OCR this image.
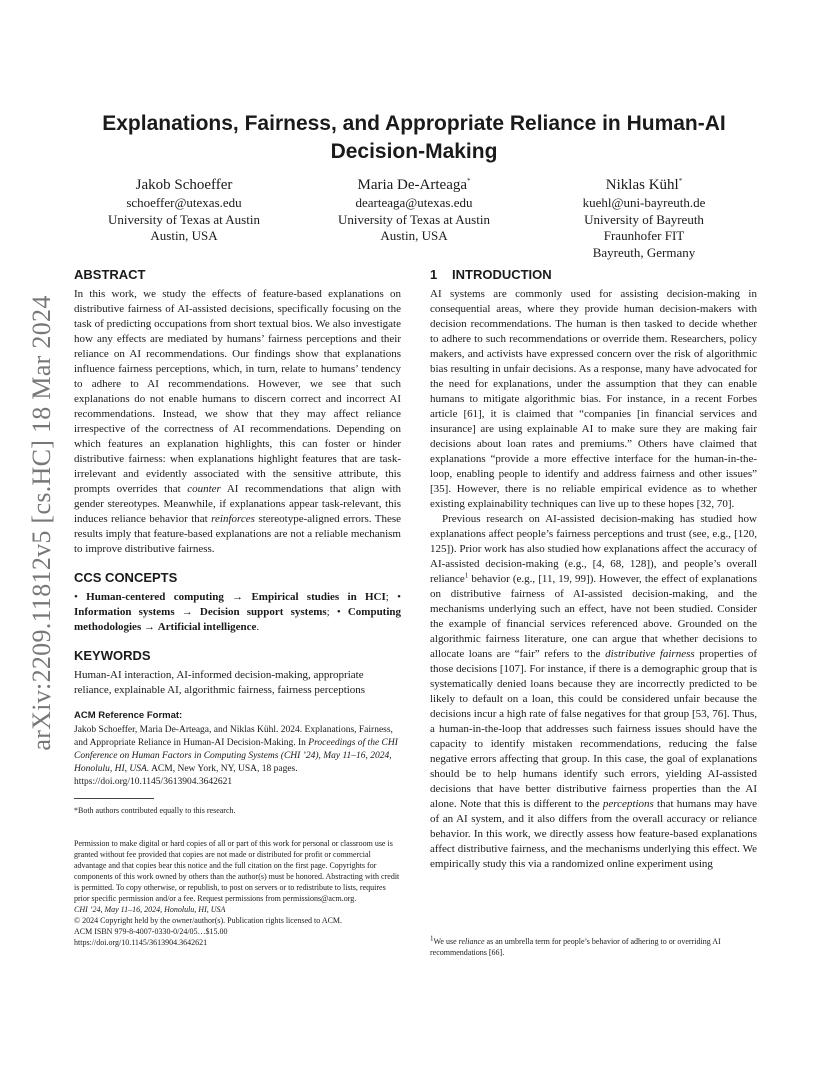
arXiv:2209.11812v5 [cs.HC] 18 Mar 2024
Explanations, Fairness, and Appropriate Reliance in Human-AI Decision-Making
Jakob Schoeffer
schoeffer@utexas.edu
University of Texas at Austin
Austin, USA
Maria De-Arteaga*
dearteaga@utexas.edu
University of Texas at Austin
Austin, USA
Niklas Kühl*
kuehl@uni-bayreuth.de
University of Bayreuth
Fraunhofer FIT
Bayreuth, Germany
ABSTRACT

In this work, we study the effects of feature-based explanations on distributive fairness of AI-assisted decisions, specifically focusing on the task of predicting occupations from short textual bios. We also investigate how any effects are mediated by humans’ fairness perceptions and their reliance on AI recommendations. Our findings show that explanations influence fairness perceptions, which, in turn, relate to humans’ tendency to adhere to AI recommendations. However, we see that such explanations do not enable humans to discern correct and incorrect AI recommendations. Instead, we show that they may affect reliance irrespective of the correctness of AI recommendations. Depending on which features an explanation highlights, this can foster or hinder distributive fairness: when explanations highlight features that are task-irrelevant and evidently associated with the sensitive attribute, this prompts overrides that counter AI recommendations that align with gender stereotypes. Meanwhile, if explanations appear task-relevant, this induces reliance behavior that reinforces stereotype-aligned errors. These results imply that feature-based explanations are not a reliable mechanism to improve distributive fairness.

CCS CONCEPTS

• Human-centered computing → Empirical studies in HCI; • Information systems → Decision support systems; • Computing methodologies → Artificial intelligence.

KEYWORDS

Human-AI interaction, AI-informed decision-making, appropriate reliance, explainable AI, algorithmic fairness, fairness perceptions

ACM Reference Format:

Jakob Schoeffer, Maria De-Arteaga, and Niklas Kühl. 2024. Explanations, Fairness, and Appropriate Reliance in Human-AI Decision-Making. In Proceedings of the CHI Conference on Human Factors in Computing Systems (CHI ’24), May 11–16, 2024, Honolulu, HI, USA. ACM, New York, NY, USA, 18 pages. https://doi.org/10.1145/3613904.3642621

*Both authors contributed equally to this research.

Permission to make digital or hard copies of all or part of this work for personal or classroom use is granted without fee provided that copies are not made or distributed for profit or commercial advantage and that copies bear this notice and the full citation on the first page. Copyrights for components of this work owned by others than the author(s) must be honored. Abstracting with credit is permitted. To copy otherwise, or republish, to post on servers or to redistribute to lists, requires prior specific permission and/or a fee. Request permissions from permissions@acm.org.

CHI ’24, May 11–16, 2024, Honolulu, HI, USA
© 2024 Copyright held by the owner/author(s). Publication rights licensed to ACM.
ACM ISBN 979-8-4007-0330-0/24/05…$15.00
https://doi.org/10.1145/3613904.3642621
1 INTRODUCTION

AI systems are commonly used for assisting decision-making in consequential areas, where they provide human decision-makers with decision recommendations. The human is then tasked to decide whether to adhere to such recommendations or override them. Researchers, policy makers, and activists have expressed concern over the risk of algorithmic bias resulting in unfair decisions. As a response, many have advocated for the need for explanations, under the assumption that they can enable humans to mitigate algorithmic bias. For instance, in a recent Forbes article [61], it is claimed that “companies [in financial services and insurance] are using explainable AI to make sure they are making fair decisions about loan rates and premiums.” Others have claimed that explanations “provide a more effective interface for the human-in-the-loop, enabling people to identify and address fairness and other issues” [35]. However, there is no reliable empirical evidence as to whether existing explainability techniques can live up to these hopes [32, 70].

Previous research on AI-assisted decision-making has studied how explanations affect people’s fairness perceptions and trust (see, e.g., [120, 125]). Prior work has also studied how explanations affect the accuracy of AI-assisted decision-making (e.g., [4, 68, 128]), and people’s overall reliance$^1$ behavior (e.g., [11, 19, 99]). However, the effect of explanations on distributive fairness of AI-assisted decision-making, and the mechanisms underlying such an effect, have not been studied. Consider the example of financial services referenced above. Grounded on the algorithmic fairness literature, one can argue that whether decisions to allocate loans are “fair” refers to the distributive fairness properties of those decisions [107]. For instance, if there is a demographic group that is systematically denied loans because they are incorrectly predicted to be likely to default on a loan, this could be considered unfair because the decisions incur a high rate of false negatives for that group [53, 76]. Thus, a human-in-the-loop that addresses such fairness issues should have the capacity to identify mistaken recommendations, reducing the false negative errors affecting that group. In this case, the goal of explanations should be to help humans identify such errors, yielding AI-assisted decisions that have better distributive fairness properties than the AI alone. Note that this is different to the perceptions that humans may have of an AI system, and it also differs from the overall accuracy or reliance behavior. In this work, we directly assess how feature-based explanations affect distributive fairness, and the mechanisms underlying this effect. We empirically study this via a randomized online experiment using

$^1$We use reliance as an umbrella term for people’s behavior of adhering to or overriding AI recommendations [66].
